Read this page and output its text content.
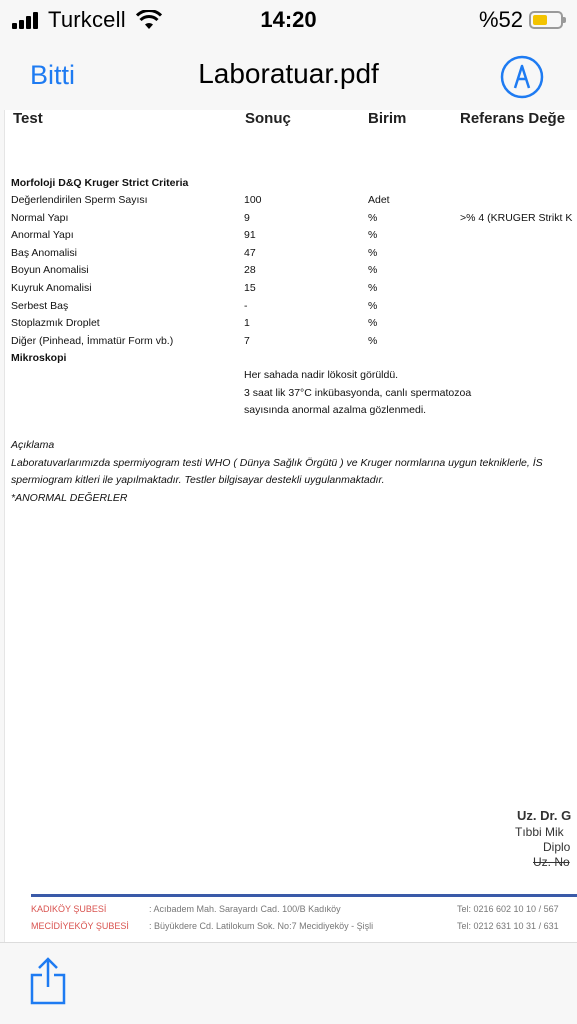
Turkcell	14:20	%52
Bitti	Laboratuar.pdf
Test	Sonuç	Birim	Referans Değe
Morfoloji D&Q Kruger Strict Criteria
Değerlendirilen Sperm Sayısı	100	Adet
Normal Yapı	9	%	>% 4 (KRUGER Strikt K
Anormal Yapı	91	%
Baş Anomalisi	47	%
Boyun Anomalisi	28	%
Kuyruk Anomalisi	15	%
Serbest Baş	-	%
Stoplazmık Droplet	1	%
Diğer (Pinhead, İmmatür Form vb.)	7	%
Mikroskopi
Her sahada nadir lökosit görüldü.
3 saat lik 37°C inkübasyonda, canlı spermatozoa
sayısında anormal azalma gözlenmedi.
Açıklama
Laboratuvarlarımızda spermiyogram testi WHO ( Dünya Sağlık Örgütü ) ve Kruger normlarına uygun tekniklerle, İS
spermiogram kitleri ile yapılmaktadır. Testler bilgisayar destekli uygulanmaktadır.
*ANORMAL DEĞERLER
Uz. Dr. G
Tıbbi Mik
Diplo
Uz. No
KADIKÖY ŞUBESİ	: Acıbadem Mah. Sarayardı Cad. 100/B Kadıköy	Tel: 0216 602 10 10 / 567
MECİDİYEKÖY ŞUBESİ : Büyükdere Cd. Latilokum Sok. No:7 Mecidiyeköy - Şişli	Tel: 0212 631 10 31 / 631
